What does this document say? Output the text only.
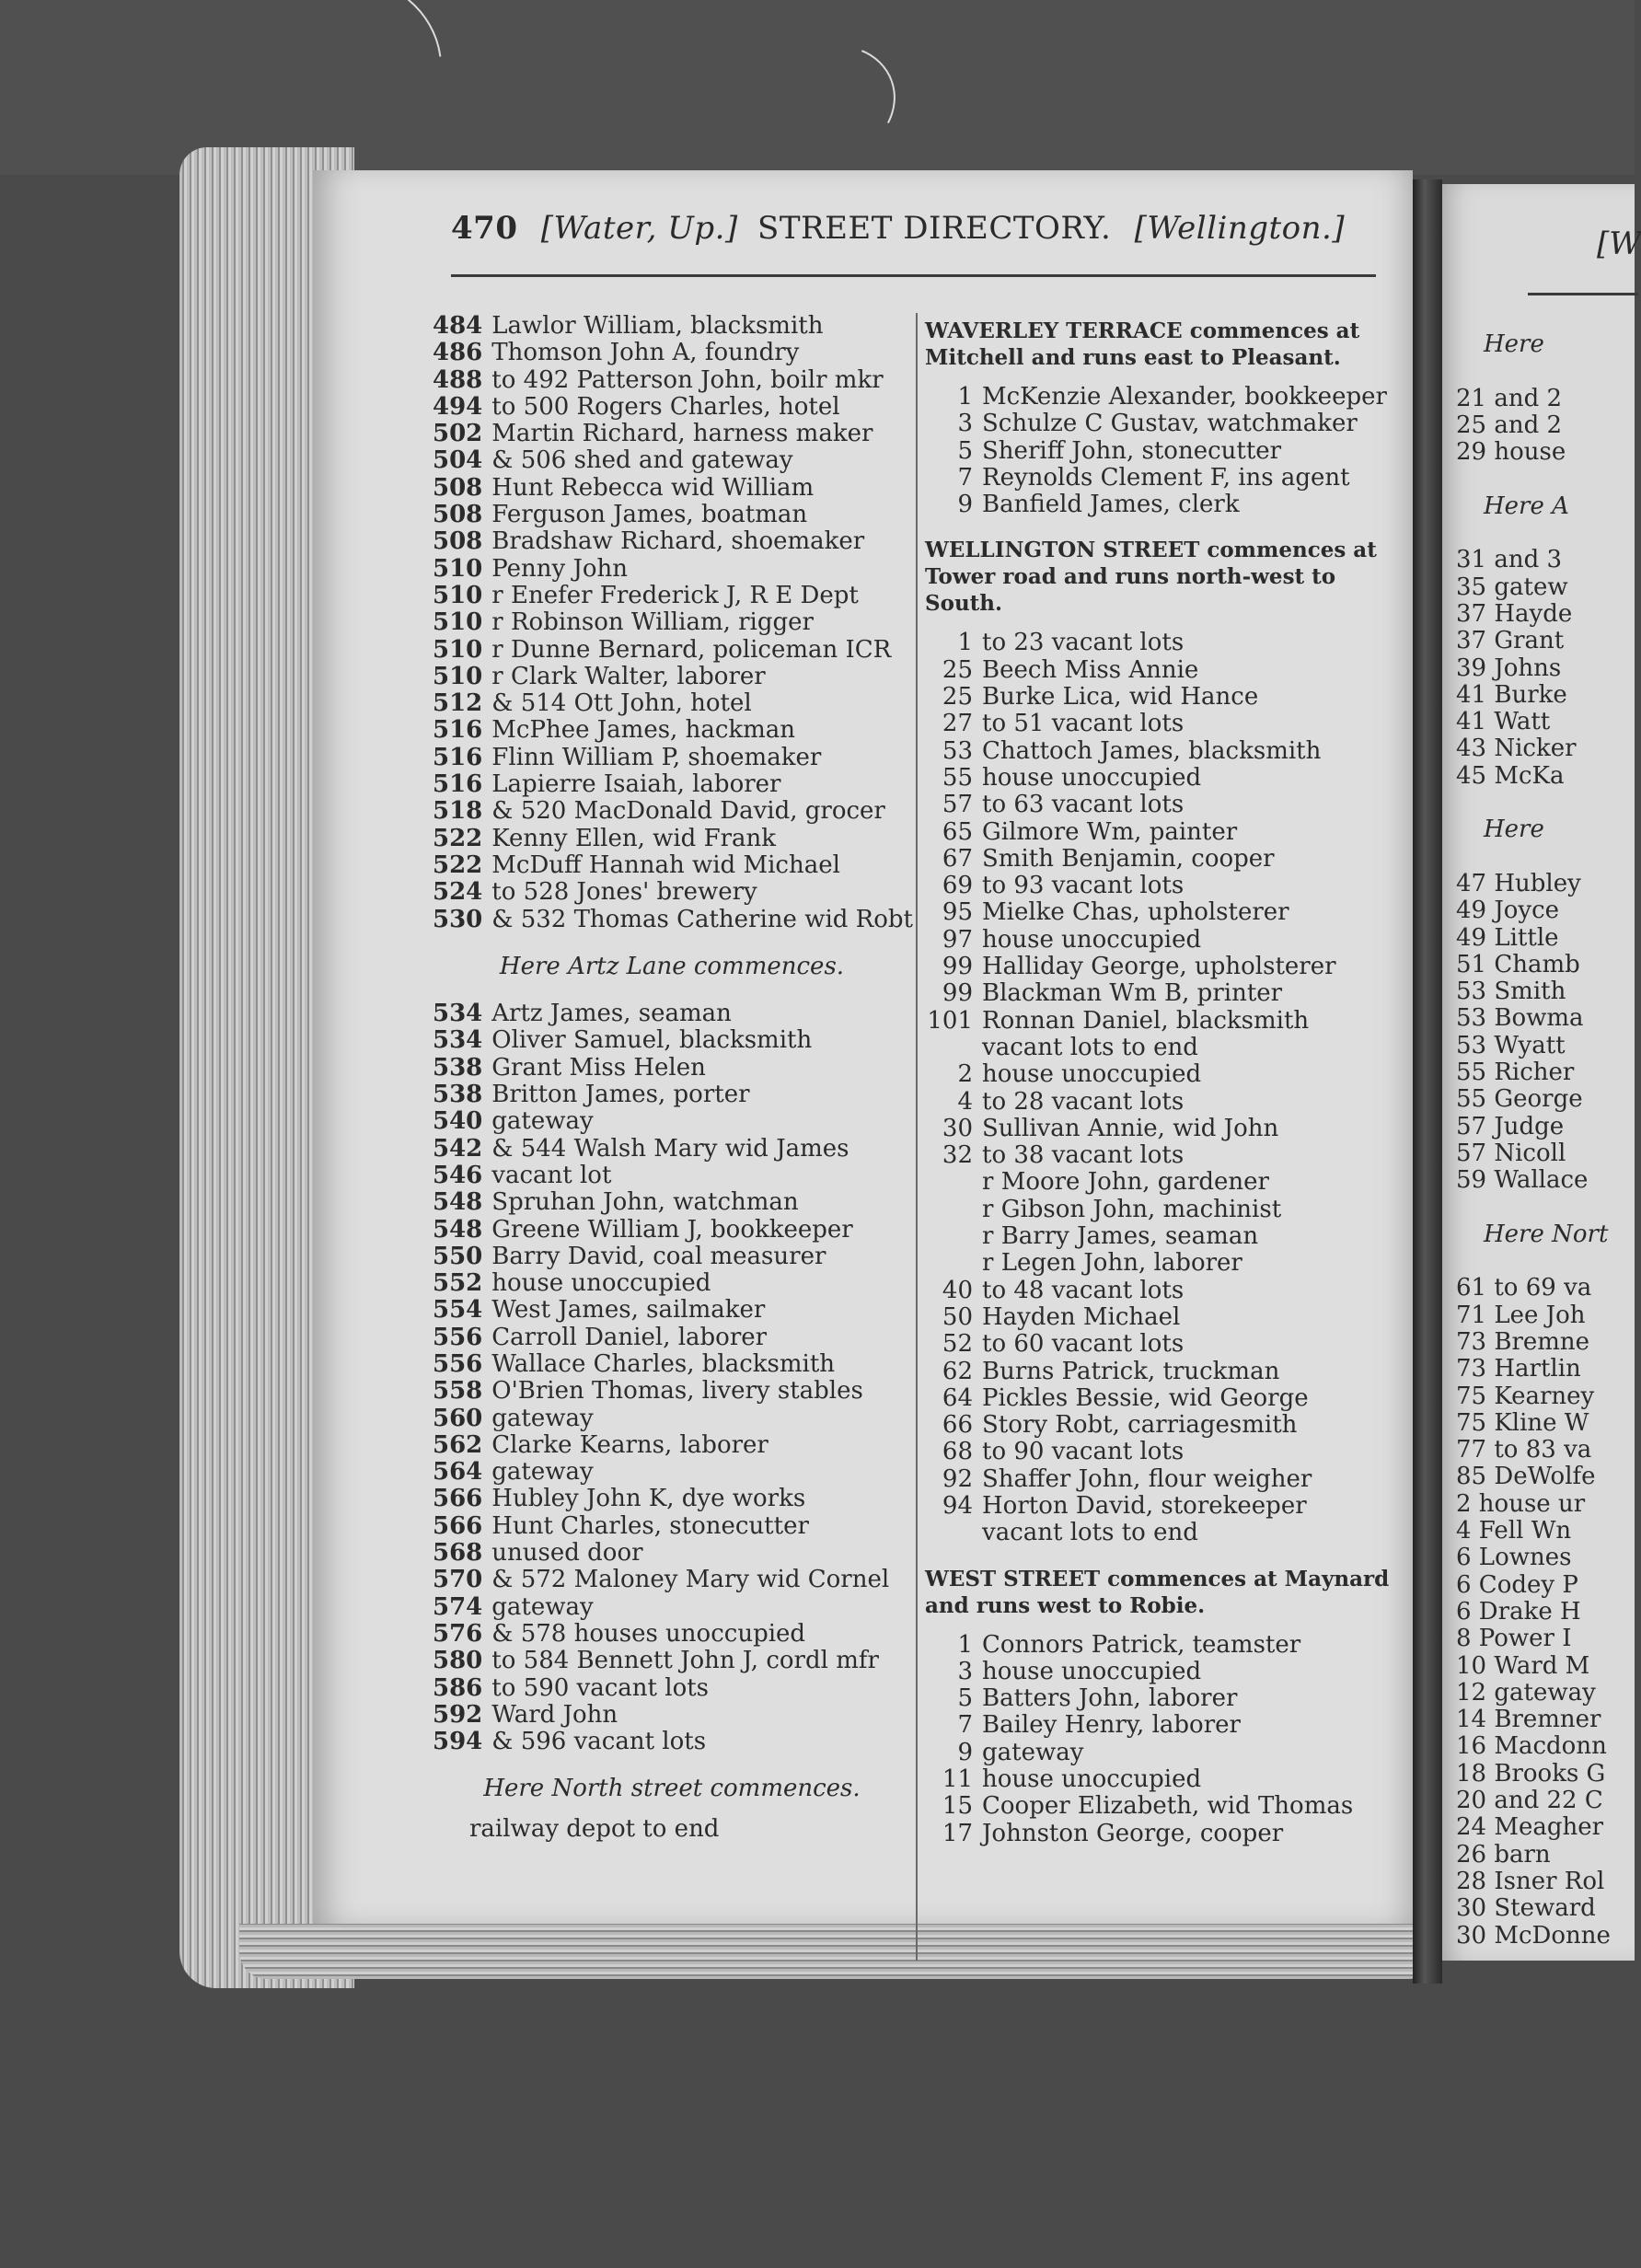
470 [Water, Up.] STREET DIRECTORY. [Wellington.]
484 Lawlor William, blacksmith
486 Thomson John A, foundry
488 to 492 Patterson John, boilr mkr
494 to 500 Rogers Charles, hotel
502 Martin Richard, harness maker
504 & 506 shed and gateway
508 Hunt Rebecca wid William
508 Ferguson James, boatman
508 Bradshaw Richard, shoemaker
510 Penny John
510 r Enefer Frederick J, R E Dept
510 r Robinson William, rigger
510 r Dunne Bernard, policeman ICR
510 r Clark Walter, laborer
512 & 514 Ott John, hotel
516 McPhee James, hackman
516 Flinn William P, shoemaker
516 Lapierre Isaiah, laborer
518 & 520 MacDonald David, grocer
522 Kenny Ellen, wid Frank
522 McDuff Hannah wid Michael
524 to 528 Jones' brewery
530 & 532 Thomas Catherine wid Robt
Here Artz Lane commences.
534 Artz James, seaman
534 Oliver Samuel, blacksmith
538 Grant Miss Helen
538 Britton James, porter
540 gateway
542 & 544 Walsh Mary wid James
546 vacant lot
548 Spruhan John, watchman
548 Greene William J, bookkeeper
550 Barry David, coal measurer
552 house unoccupied
554 West James, sailmaker
556 Carroll Daniel, laborer
556 Wallace Charles, blacksmith
558 O'Brien Thomas, livery stables
560 gateway
562 Clarke Kearns, laborer
564 gateway
566 Hubley John K, dye works
566 Hunt Charles, stonecutter
568 unused door
570 & 572 Maloney Mary wid Cornel
574 gateway
576 & 578 houses unoccupied
580 to 584 Bennett John J, cordl mfr
586 to 590 vacant lots
592 Ward John
594 & 596 vacant lots
Here North street commences.
railway depot to end
WAVERLEY TERRACE commences at Mitchell and runs east to Pleasant.
1 McKenzie Alexander, bookkeeper
3 Schulze C Gustav, watchmaker
5 Sheriff John, stonecutter
7 Reynolds Clement F, ins agent
9 Banfield James, clerk
WELLINGTON STREET commences at Tower road and runs north-west to South.
1 to 23 vacant lots
25 Beech Miss Annie
25 Burke Lica, wid Hance
27 to 51 vacant lots
53 Chattoch James, blacksmith
55 house unoccupied
57 to 63 vacant lots
65 Gilmore Wm, painter
67 Smith Benjamin, cooper
69 to 93 vacant lots
95 Mielke Chas, upholsterer
97 house unoccupied
99 Halliday George, upholsterer
99 Blackman Wm B, printer
101 Ronnan Daniel, blacksmith
vacant lots to end
2 house unoccupied
4 to 28 vacant lots
30 Sullivan Annie, wid John
32 to 38 vacant lots
r Moore John, gardener
r Gibson John, machinist
r Barry James, seaman
r Legen John, laborer
40 to 48 vacant lots
50 Hayden Michael
52 to 60 vacant lots
62 Burns Patrick, truckman
64 Pickles Bessie, wid George
66 Story Robt, carriagesmith
68 to 90 vacant lots
92 Shaffer John, flour weigher
94 Horton David, storekeeper
vacant lots to end
WEST STREET commences at Maynard and runs west to Robie.
1 Connors Patrick, teamster
3 house unoccupied
5 Batters John, laborer
7 Bailey Henry, laborer
9 gateway
11 house unoccupied
15 Cooper Elizabeth, wid Thomas
17 Johnston George, cooper
[W
Here
21 and 2
25 and 2
29 house
Here A
31 and 3
35 gatew
37 Hayde
37 Grant
39 Johns
41 Burke
41 Watt
43 Nicker
45 McKa
Here
47 Hubley
49 Joyce
49 Little
51 Chamb
53 Smith
53 Bowma
53 Wyatt
55 Richer
55 George
57 Judge
57 Nicoll
59 Wallace
Here Nort
61 to 69 va
71 Lee Joh
73 Bremne
73 Hartlin
75 Kearney
75 Kline W
77 to 83 va
85 DeWolfe
2 house ur
4 Fell Wn
6 Lownes
6 Codey P
6 Drake H
8 Power I
10 Ward M
12 gateway
14 Bremner
16 Macdonn
18 Brooks G
20 and 22 C
24 Meagher
26 barn
28 Isner Rol
30 Steward
30 McDonne
